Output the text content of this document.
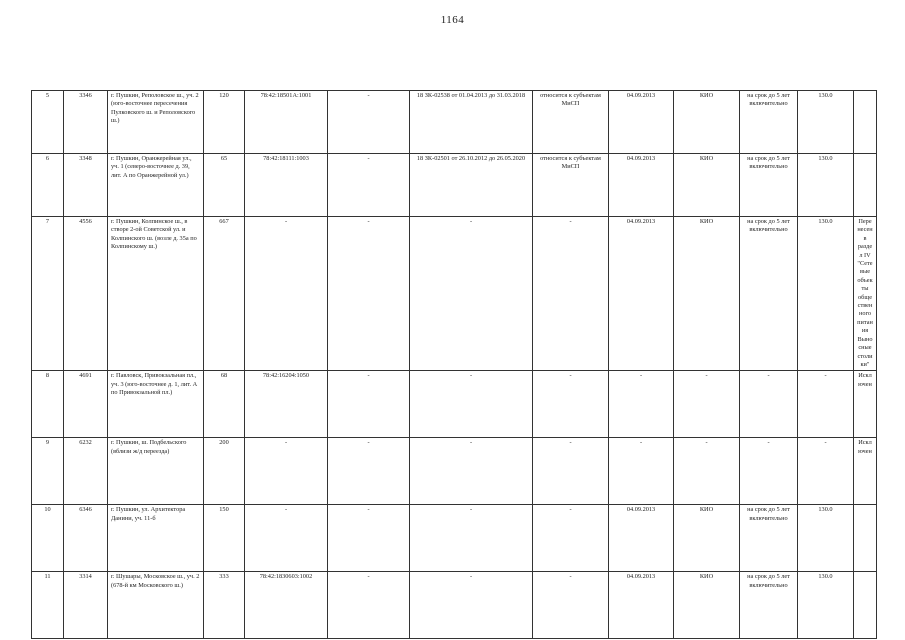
1164
5	3346	г. Пушкин, Реполовское ш., уч. 2 (юго-восточнее пересечения Пулковского ш. и Реполовского ш.)	120	78:42:18501А:1001	-	18 ЗК-02538 от 01.04.2013 до 31.03.2018	относится к субъектам МиСП	04.09.2013	КИО	на срок до 5 лет включительно	130.0	
6	3348	г. Пушкин, Оранжерейная ул., уч. 1 (северо-восточнее д. 39, лит. А по Оранжерейной ул.)	65	78:42:18111:1003	-	18 ЗК-02501 от 26.10.2012 до 26.05.2020	относится к субъектам МиСП	04.09.2013	КИО	на срок до 5 лет включительно	130.0	
7	4556	г. Пушкин, Колпинское ш., в створе 2-ой Советской ул. и Колпинского ш. (возле д. 35а по Колпинскому ш.)	667	-	-	-	-	04.09.2013	КИО	на срок до 5 лет включительно	130.0	Перенесен в раздел IV "Сетевые объекты общественного питания Выносные столики"
8	4691	г. Павловск, Привокзальная пл., уч. 3 (юго-восточнее д. 1, лит. А по Привокзальной пл.)	68	78:42:16204:1050	-	-	-	-	-	-	-	Исключен
9	6232	г. Пушкин, ш. Подбельского (вблизи ж/д переезда)	200	-	-	-	-	-	-	-	-	Исключен
10	6346	г. Пушкин, ул. Архитектора Данини, уч. 11-б	150	-	-	-	-	04.09.2013	КИО	на срок до 5 лет включительно	130.0	
11	3314	г. Шушары, Московское ш., уч. 2 (678-й км Московского ш.)	333	78:42:1830603:1002	-	-	-	04.09.2013	КИО	на срок до 5 лет включительно	130.0	
